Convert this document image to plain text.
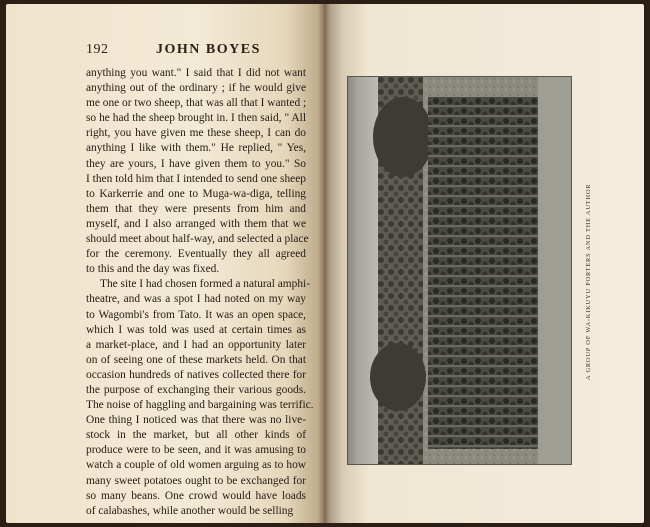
192	JOHN BOYES

anything you want." I said that I did not want
anything out of the ordinary ; if he would give
me one or two sheep, that was all that I wanted ;
so he had the sheep brought in. I then said, " All
right, you have given me these sheep, I can do
anything I like with them." He replied, " Yes,
they are yours, I have given them to you." So
I then told him that I intended to send one sheep
to Karkerrie and one to Muga-wa-diga, telling
them that they were presents from him and
myself, and I also arranged with them that we
should meet about half-way, and selected a place
for the ceremony. Eventually they all agreed
to this and the day was fixed.

The site I had chosen formed a natural amphi-
theatre, and was a spot I had noted on my way
to Wagombi's from Tato. It was an open space,
which I was told was used at certain times as
a market-place, and I had an opportunity later
on of seeing one of these markets held. On that
occasion hundreds of natives collected there for
the purpose of exchanging their various goods.
The noise of haggling and bargaining was terrific.
One thing I noticed was that there was no live-
stock in the market, but all other kinds of
produce were to be seen, and it was amusing to
watch a couple of old women arguing as to how
many sweet potatoes ought to be exchanged for
so many beans. One crowd would have loads
of calabashes, while another would be selling

A GROUP OF WA-KIKUYU PORTERS AND THE AUTHOR
